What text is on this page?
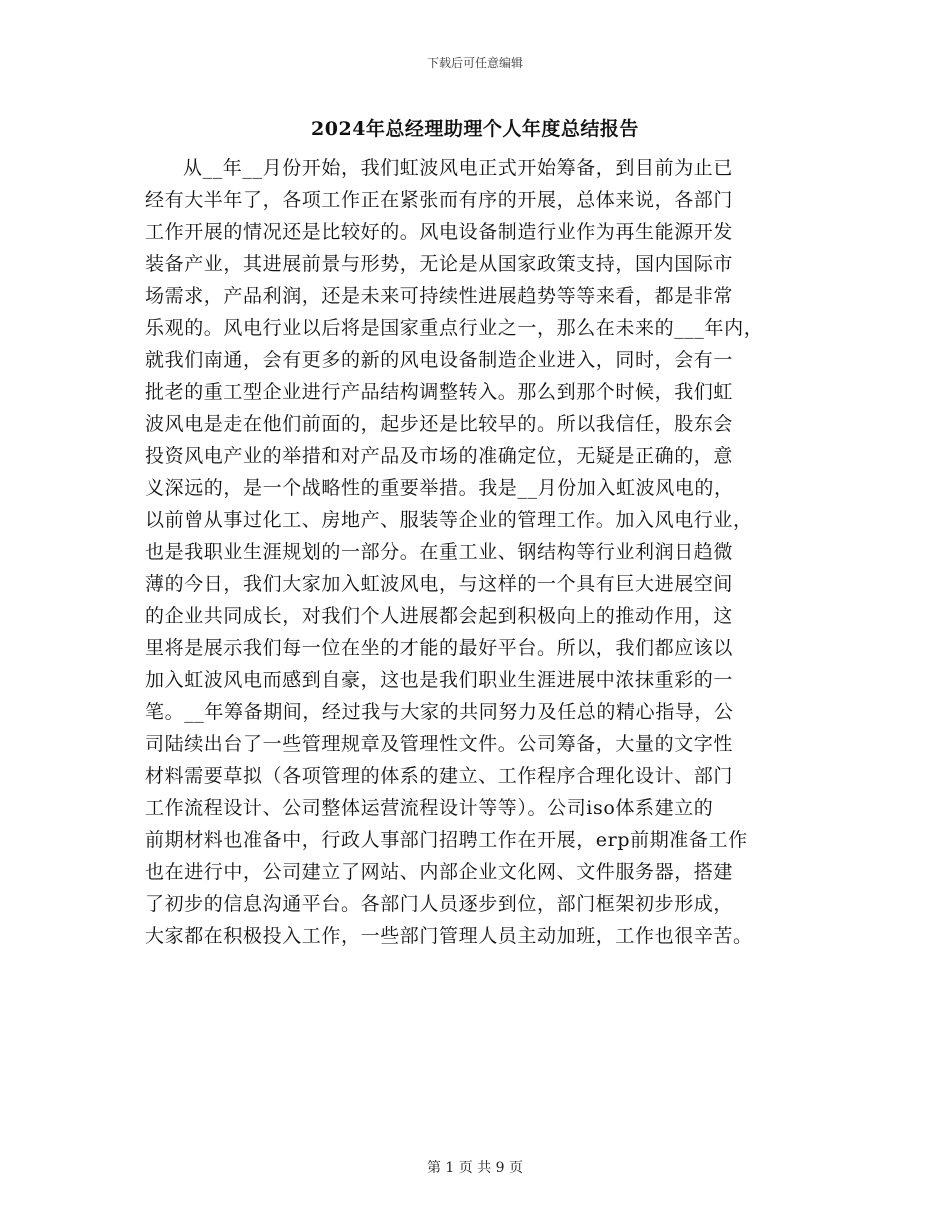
下载后可任意编辑
2024年总经理助理个人年度总结报告
从__年__月份开始，我们虹波风电正式开始筹备，到目前为止已
经有大半年了，各项工作正在紧张而有序的开展，总体来说，各部门
工作开展的情况还是比较好的。风电设备制造行业作为再生能源开发
装备产业，其进展前景与形势，无论是从国家政策支持，国内国际市
场需求，产品利润，还是未来可持续性进展趋势等等来看，都是非常
乐观的。风电行业以后将是国家重点行业之一，那么在未来的___年内，
就我们南通，会有更多的新的风电设备制造企业进入，同时，会有一
批老的重工型企业进行产品结构调整转入。那么到那个时候，我们虹
波风电是走在他们前面的，起步还是比较早的。所以我信任，股东会
投资风电产业的举措和对产品及市场的准确定位，无疑是正确的，意
义深远的，是一个战略性的重要举措。我是__月份加入虹波风电的，
以前曾从事过化工、房地产、服装等企业的管理工作。加入风电行业，
也是我职业生涯规划的一部分。在重工业、钢结构等行业利润日趋微
薄的今日，我们大家加入虹波风电，与这样的一个具有巨大进展空间
的企业共同成长，对我们个人进展都会起到积极向上的推动作用，这
里将是展示我们每一位在坐的才能的最好平台。所以，我们都应该以
加入虹波风电而感到自豪，这也是我们职业生涯进展中浓抹重彩的一
笔。__年筹备期间，经过我与大家的共同努力及任总的精心指导，公
司陆续出台了一些管理规章及管理性文件。公司筹备，大量的文字性
材料需要草拟（各项管理的体系的建立、工作程序合理化设计、部门
工作流程设计、公司整体运营流程设计等等）。公司iso体系建立的
前期材料也准备中，行政人事部门招聘工作在开展，erp前期准备工作
也在进行中，公司建立了网站、内部企业文化网、文件服务器，搭建
了初步的信息沟通平台。各部门人员逐步到位，部门框架初步形成，
大家都在积极投入工作，一些部门管理人员主动加班，工作也很辛苦。
第 1 页 共 9 页
